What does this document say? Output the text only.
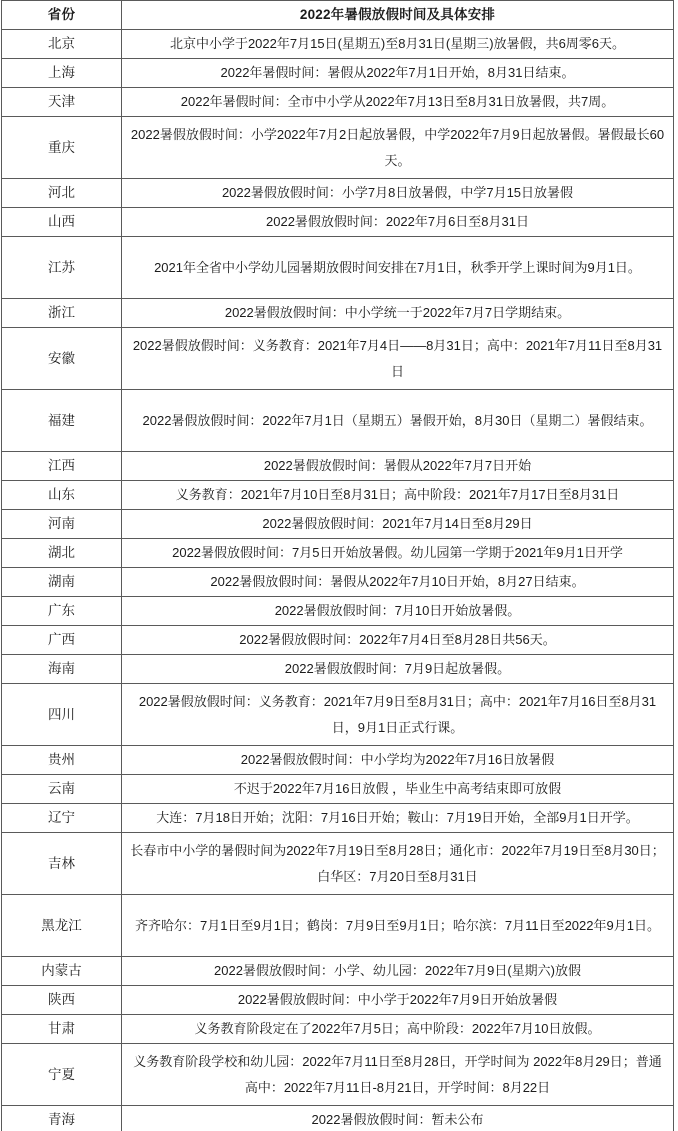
省份	2022年暑假放假时间及具体安排
北京	北京中小学于2022年7月15日(星期五)至8月31日(星期三)放暑假，共6周零6天。
上海	2022年暑假时间：暑假从2022年7月1日开始，8月31日结束。
天津	2022年暑假时间：全市中小学从2022年7月13日至8月31日放暑假，共7周。
重庆	2022暑假放假时间：小学2022年7月2日起放暑假，中学2022年7月9日起放暑假。暑假最长60天。
河北	2022暑假放假时间：小学7月8日放暑假，中学7月15日放暑假
山西	2022暑假放假时间：2022年7月6日至8月31日
江苏	2021年全省中小学幼儿园暑期放假时间安排在7月1日，秋季开学上课时间为9月1日。
浙江	2022暑假放假时间：中小学统一于2022年7月7日学期结束。
安徽	2022暑假放假时间：义务教育：2021年7月4日——8月31日；高中：2021年7月11日至8月31日
福建	2022暑假放假时间：2022年7月1日（星期五）暑假开始，8月30日（星期二）暑假结束。
江西	2022暑假放假时间：暑假从2022年7月7日开始
山东	义务教育：2021年7月10日至8月31日；高中阶段：2021年7月17日至8月31日
河南	2022暑假放假时间：2021年7月14日至8月29日
湖北	2022暑假放假时间：7月5日开始放暑假。幼儿园第一学期于2021年9月1日开学
湖南	2022暑假放假时间：暑假从2022年7月10日开始，8月27日结束。
广东	2022暑假放假时间：7月10日开始放暑假。
广西	2022暑假放假时间：2022年7月4日至8月28日共56天。
海南	2022暑假放假时间：7月9日起放暑假。
四川	2022暑假放假时间：义务教育：2021年7月9日至8月31日；高中：2021年7月16日至8月31日，9月1日正式行课。
贵州	2022暑假放假时间：中小学均为2022年7月16日放暑假
云南	不迟于2022年7月16日放假 ，毕业生中高考结束即可放假
辽宁	大连：7月18日开始；沈阳：7月16日开始；鞍山：7月19日开始，全部9月1日开学。
吉林	长春市中小学的暑假时间为2022年7月19日至8月28日；通化市：2022年7月19日至8月30日； 白华区：7月20日至8月31日
黑龙江	齐齐哈尔：7月1日至9月1日；鹤岗：7月9日至9月1日；哈尔滨：7月11日至2022年9月1日。
内蒙古	2022暑假放假时间：小学、幼儿园：2022年7月9日(星期六)放假
陕西	2022暑假放假时间：中小学于2022年7月9日开始放暑假
甘肃	义务教育阶段定在了2022年7月5日；高中阶段：2022年7月10日放假。
宁夏	义务教育阶段学校和幼儿园：2022年7月11日至8月28日，开学时间为 2022年8月29日；普通高中：2022年7月11日-8月21日，开学时间：8月22日
青海	2022暑假放假时间：暂未公布
